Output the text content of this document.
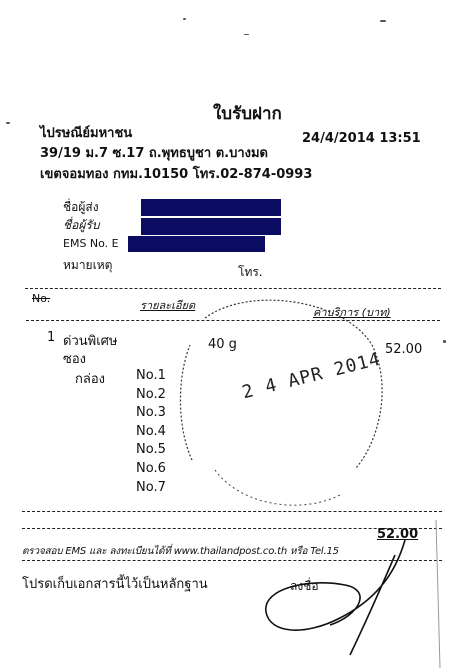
ใบรับฝาก
ไปรษณีย์มหาชน	24/4/2014 13:51
39/19 ม.7 ซ.17 ถ.พุทธบูชา ต.บางมด
เขตจอมทอง กทม.10150 โทร.02-874-0993
ชื่อผู้ส่ง
ชื่อผู้รับ
EMS No. E
หมายเหตุ	โทร.
No.
รายละเอียด
ค่าบริการ (บาท)
1 ด่วนพิเศษ
ซอง
40 g	52.00
กล่อง No.1
No.2
No.3
No.4
No.5
No.6
No.7
52.00
ตรวจสอบ EMS และ ลงทะเบียนได้ที่ www.thailandpost.co.th หรือ Tel.15
โปรดเก็บเอกสารนี้ไว้เป็นหลักฐาน	ลงชื่อ
2 4 APR 2014
